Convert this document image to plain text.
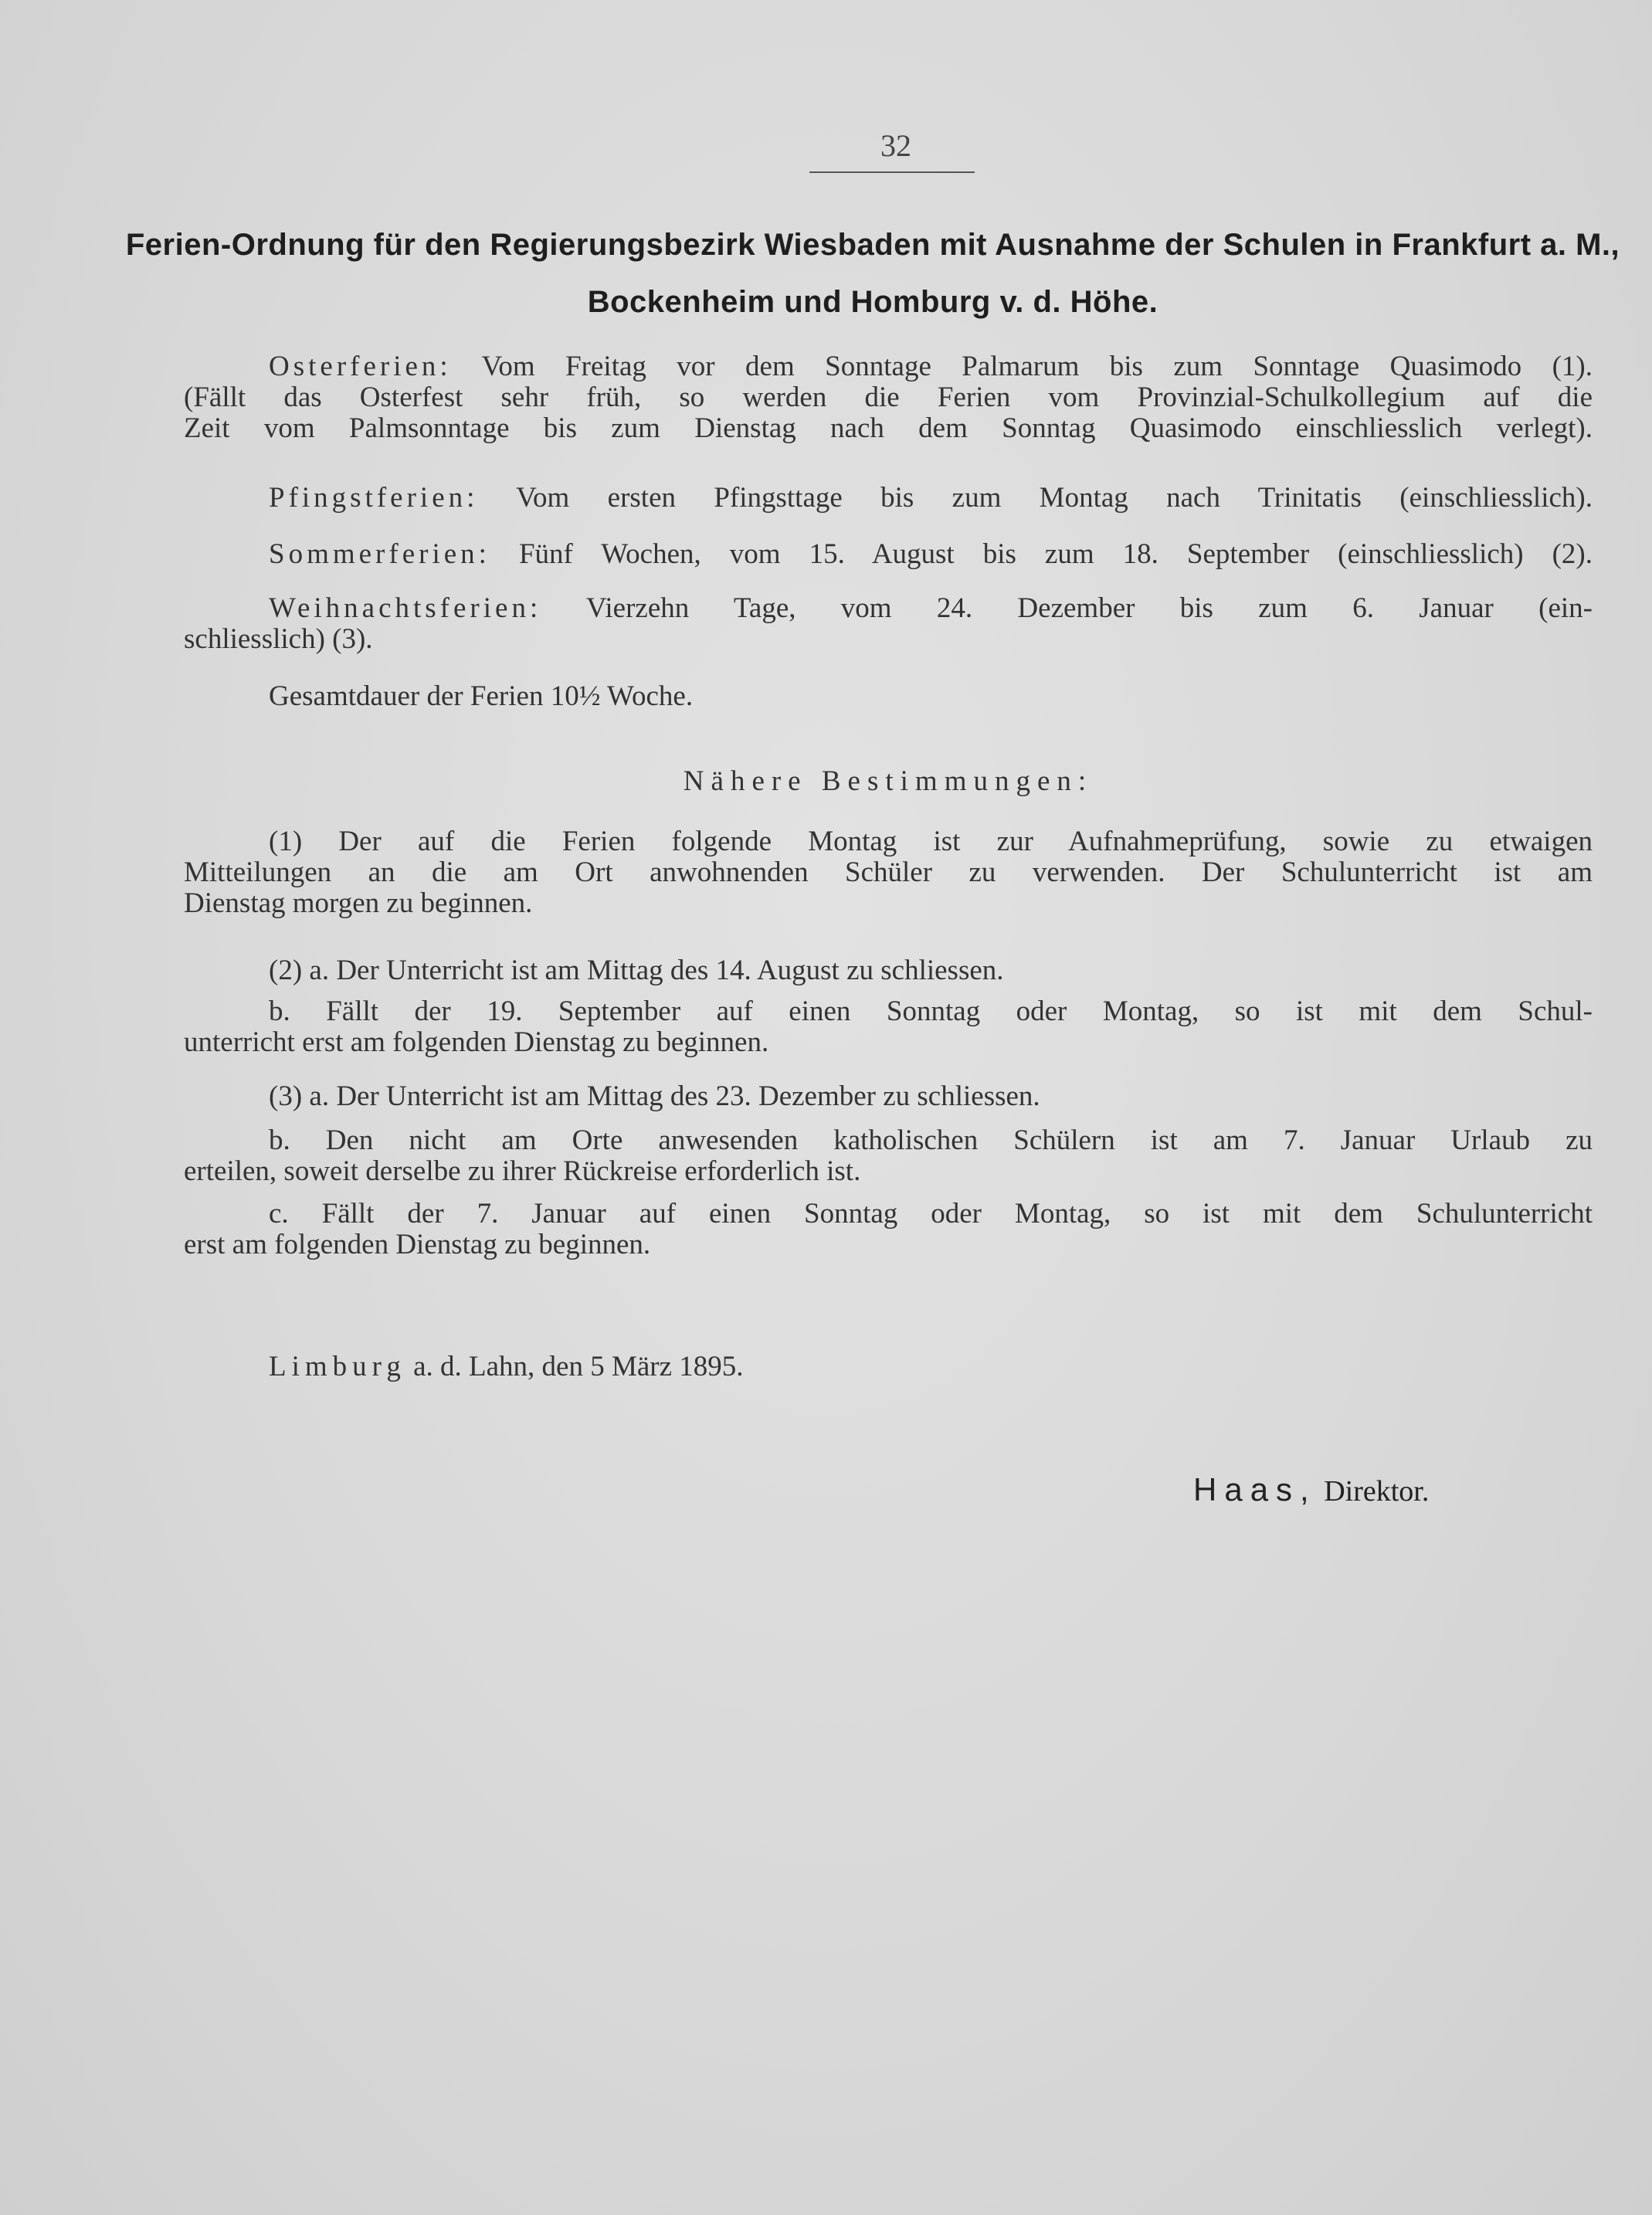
32
Ferien-Ordnung für den Regierungsbezirk Wiesbaden mit Ausnahme der Schulen in Frankfurt a. M.,
Bockenheim und Homburg v. d. Höhe.
Osterferien: Vom Freitag vor dem Sonntage Palmarum bis zum Sonntage Quasimodo (1).
(Fällt das Osterfest sehr früh, so werden die Ferien vom Provinzial-Schulkollegium auf die
Zeit vom Palmsonntage bis zum Dienstag nach dem Sonntag Quasimodo einschliesslich verlegt).
Pfingstferien: Vom ersten Pfingsttage bis zum Montag nach Trinitatis (einschliesslich).
Sommerferien: Fünf Wochen, vom 15. August bis zum 18. September (einschliesslich) (2).
Weihnachtsferien: Vierzehn Tage, vom 24. Dezember bis zum 6. Januar (ein-
schliesslich) (3).
Gesamtdauer der Ferien 10½ Woche.
Nähere Bestimmungen:
(1) Der auf die Ferien folgende Montag ist zur Aufnahmeprüfung, sowie zu etwaigen
Mitteilungen an die am Ort anwohnenden Schüler zu verwenden. Der Schulunterricht ist am
Dienstag morgen zu beginnen.
(2) a. Der Unterricht ist am Mittag des 14. August zu schliessen.
b. Fällt der 19. September auf einen Sonntag oder Montag, so ist mit dem Schul-
unterricht erst am folgenden Dienstag zu beginnen.
(3) a. Der Unterricht ist am Mittag des 23. Dezember zu schliessen.
b. Den nicht am Orte anwesenden katholischen Schülern ist am 7. Januar Urlaub zu
erteilen, soweit derselbe zu ihrer Rückreise erforderlich ist.
c. Fällt der 7. Januar auf einen Sonntag oder Montag, so ist mit dem Schulunterricht
erst am folgenden Dienstag zu beginnen.
Limburg a. d. Lahn, den 5 März 1895.
Haas, Direktor.
